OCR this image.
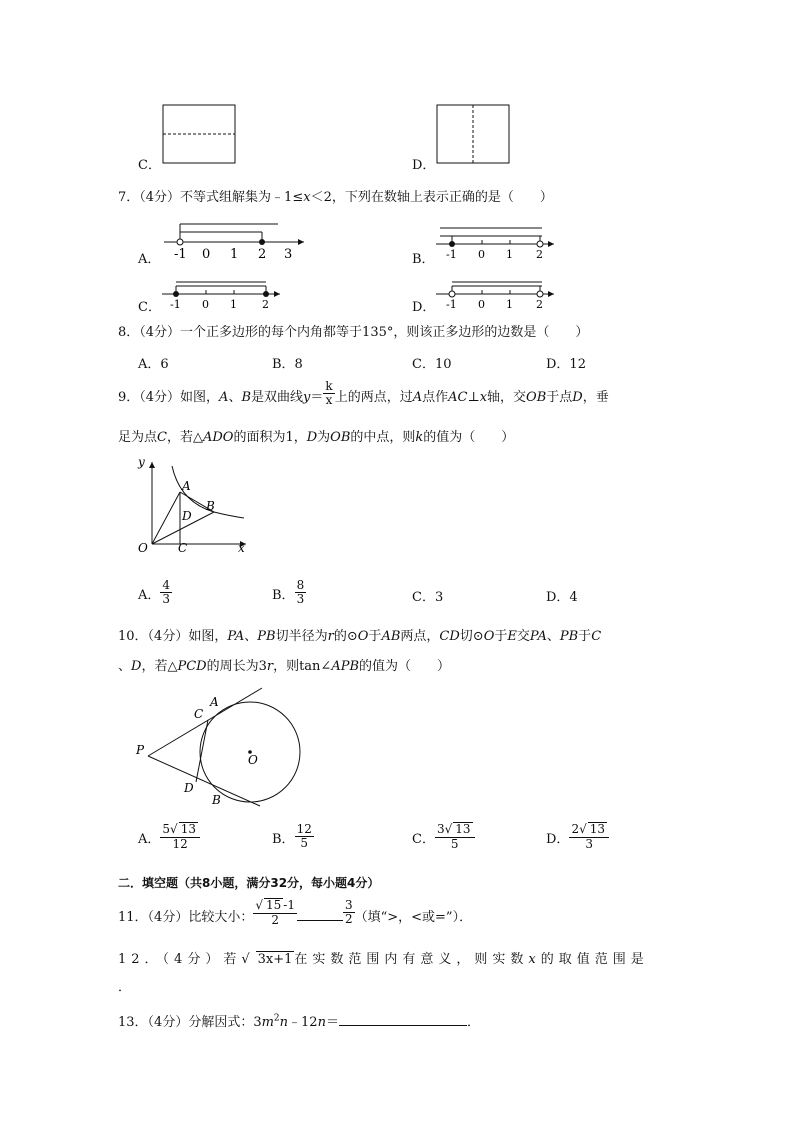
C．	D．
7．（4分）不等式组解集为﹣1≤x＜2，下列在数轴上表示正确的是（　　）
A． -1 0 1 2 3	B． -1 0 1 2
C． -1 0 1 2	D． -1 0 1 2
8．（4分）一个正多边形的每个内角都等于135°，则该正多边形的边数是（　　）
A．6	B．8	C．10	D．12
9．（4分）如图，A、B是双曲线$y= \frac{k}{x}$ 上的两点，过A点作AC⊥x轴，交OB于点D，垂
足为点C，若△ADO的面积为1，D为OB的中点，则k的值为（　　）
y
x
O
A
B
C
D
A． $\frac{4}{3}$	B． $\frac{8}{3}$	C．3	D．4
10．（4分）如图，PA、PB切半径为r的⊙O于AB两点，CD切⊙O于E交PA、PB于C
、D，若△PCD的周长为3r，则tan∠APB的值为（　　）
P
A
C
D
B
O
A． $\frac{5√ 13}{12}$	B． $\frac{12}{5}$	C． $\frac{3√ 13}{5}$	D． $\frac{2√ 13}{3}$
二．填空题（共8小题，满分32分，每小题4分）
11．（4分）比较大小： $\frac{√ 15 -1}{2}$	$\frac{3}{2}$ （填“>，<或=”）．
12．（4分）若√ 3x+1 在实数范围内有意义，则实数x的取值范围是
．
13．（4分）分解因式：$3m^2n﹣12n=$	．
